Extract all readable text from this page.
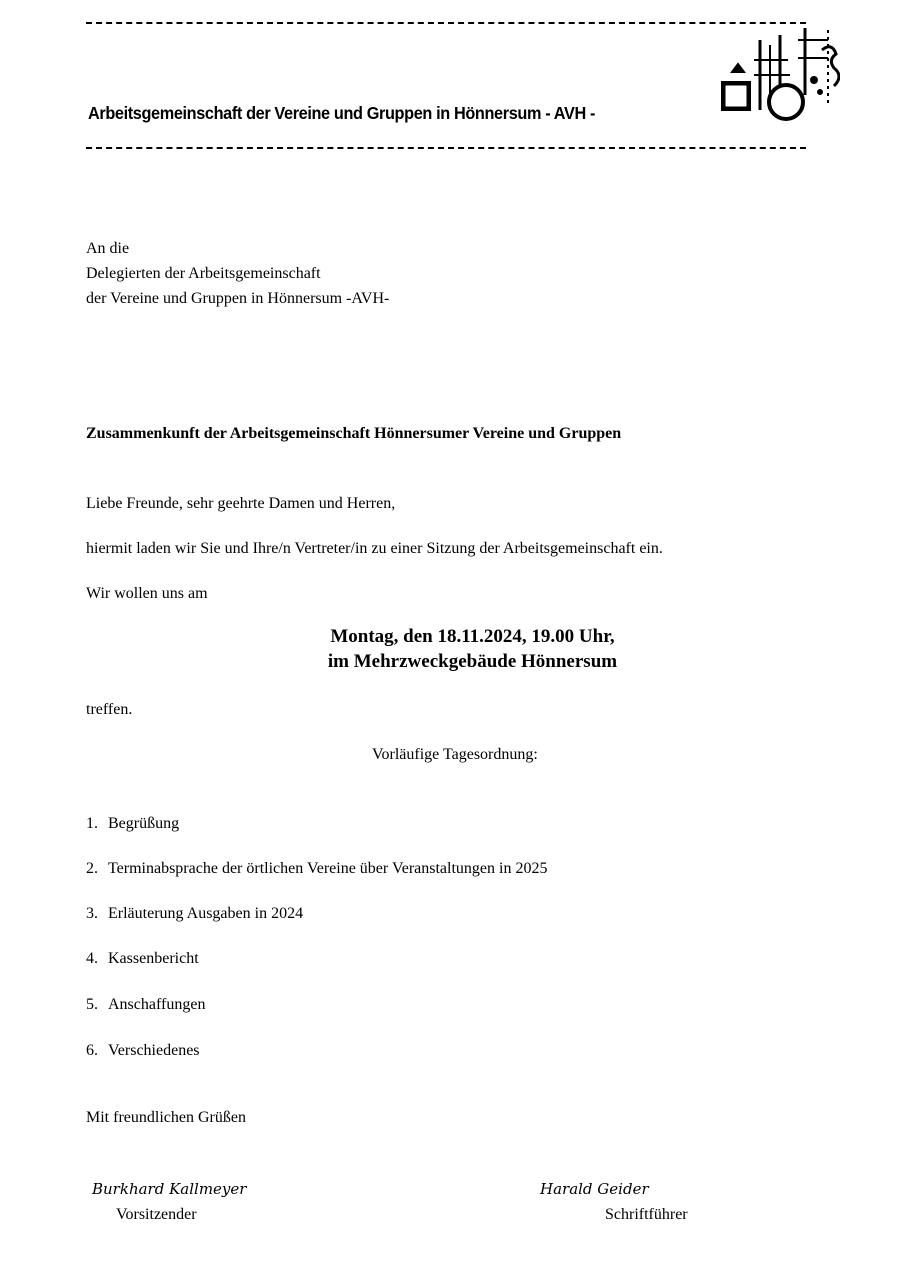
Arbeitsgemeinschaft der Vereine und Gruppen in Hönnersum - AVH -
An die
Delegierten der Arbeitsgemeinschaft
der Vereine und Gruppen in Hönnersum -AVH-
Zusammenkunft der Arbeitsgemeinschaft Hönnersumer Vereine und Gruppen
Liebe Freunde, sehr geehrte Damen und Herren,
hiermit laden wir Sie und Ihre/n Vertreter/in zu einer Sitzung der Arbeitsgemeinschaft ein.
Wir wollen uns am
Montag, den 18.11.2024, 19.00 Uhr,
im Mehrzweckgebäude Hönnersum
treffen.
Vorläufige Tagesordnung:
1. Begrüßung
2. Terminabsprache der örtlichen Vereine über Veranstaltungen in 2025
3. Erläuterung Ausgaben in 2024
4. Kassenbericht
5. Anschaffungen
6. Verschiedenes
Mit freundlichen Grüßen
Burkhard Kallmeyer
Vorsitzender
Harald Geider
Schriftführer
